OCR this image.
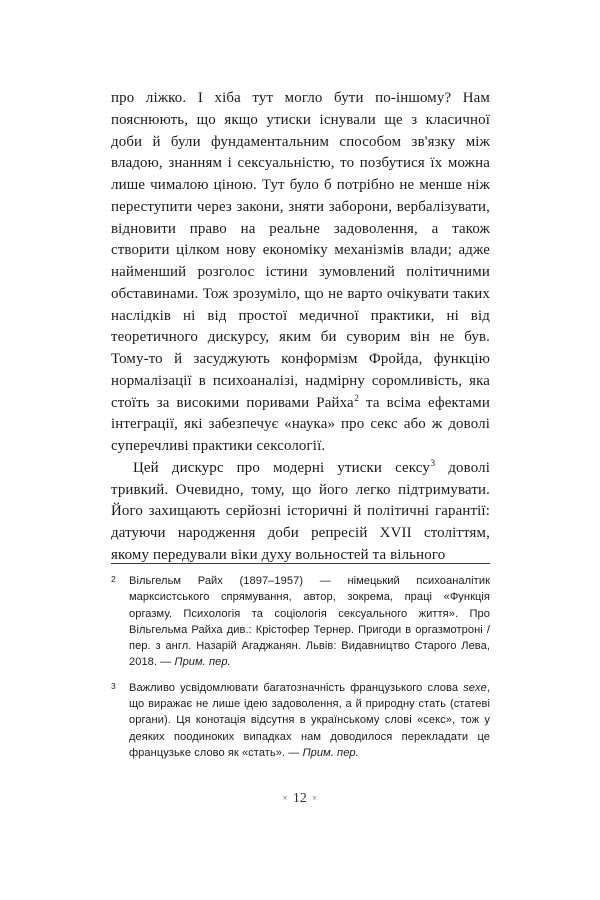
про ліжко. І хіба тут могло бути по-іншому? Нам пояснюють, що якщо утиски існували ще з класичної доби й були фундаментальним способом зв'язку між владою, знанням і сексуальністю, то позбутися їх можна лише чималою ціною. Тут було б потрібно не менше ніж переступити через закони, зняти заборони, вербалізувати, відновити право на реальне задоволення, а також створити цілком нову економіку механізмів влади; адже найменший розголос істини зумовлений політичними обставинами. Тож зрозуміло, що не варто очікувати таких наслідків ні від простої медичної практики, ні від теоретичного дискурсу, яким би суворим він не був. Тому-то й засуджують конформізм Фройда, функцію нормалізації в психоаналізі, надмірну соромливість, яка стоїть за високими поривами Райха$^2$ та всіма ефектами інтеграції, які забезпечує «наука» про секс або ж доволі суперечливі практики сексології.

Цей дискурс про модерні утиски сексу$^3$ доволі тривкий. Очевидно, тому, що його легко підтримувати. Його захищають серйозні історичні й політичні гарантії: датуючи народження доби репресій XVII століттям, якому передували віки духу вольностей та вільного

2 Вільгельм Райх (1897–1957) — німецький психоаналітик марксистського спрямування, автор, зокрема, праці «Функція оргазму. Психологія та соціологія сексуального життя». Про Вільгельма Райха див.: Крістофер Тернер. Пригоди в оргазмотроні / пер. з англ. Назарій Агаджанян. Львів: Видавництво Старого Лева, 2018. — Прим. пер.
3 Важливо усвідомлювати багатозначність французького слова sexe, що виражає не лише ідею задоволення, а й природну стать (статеві органи). Ця конотація відсутня в українському слові «секс», тож у деяких поодиноких випадках нам доводилося перекладати це французьке слово як «стать». — Прим. пер.
× 12 ×
